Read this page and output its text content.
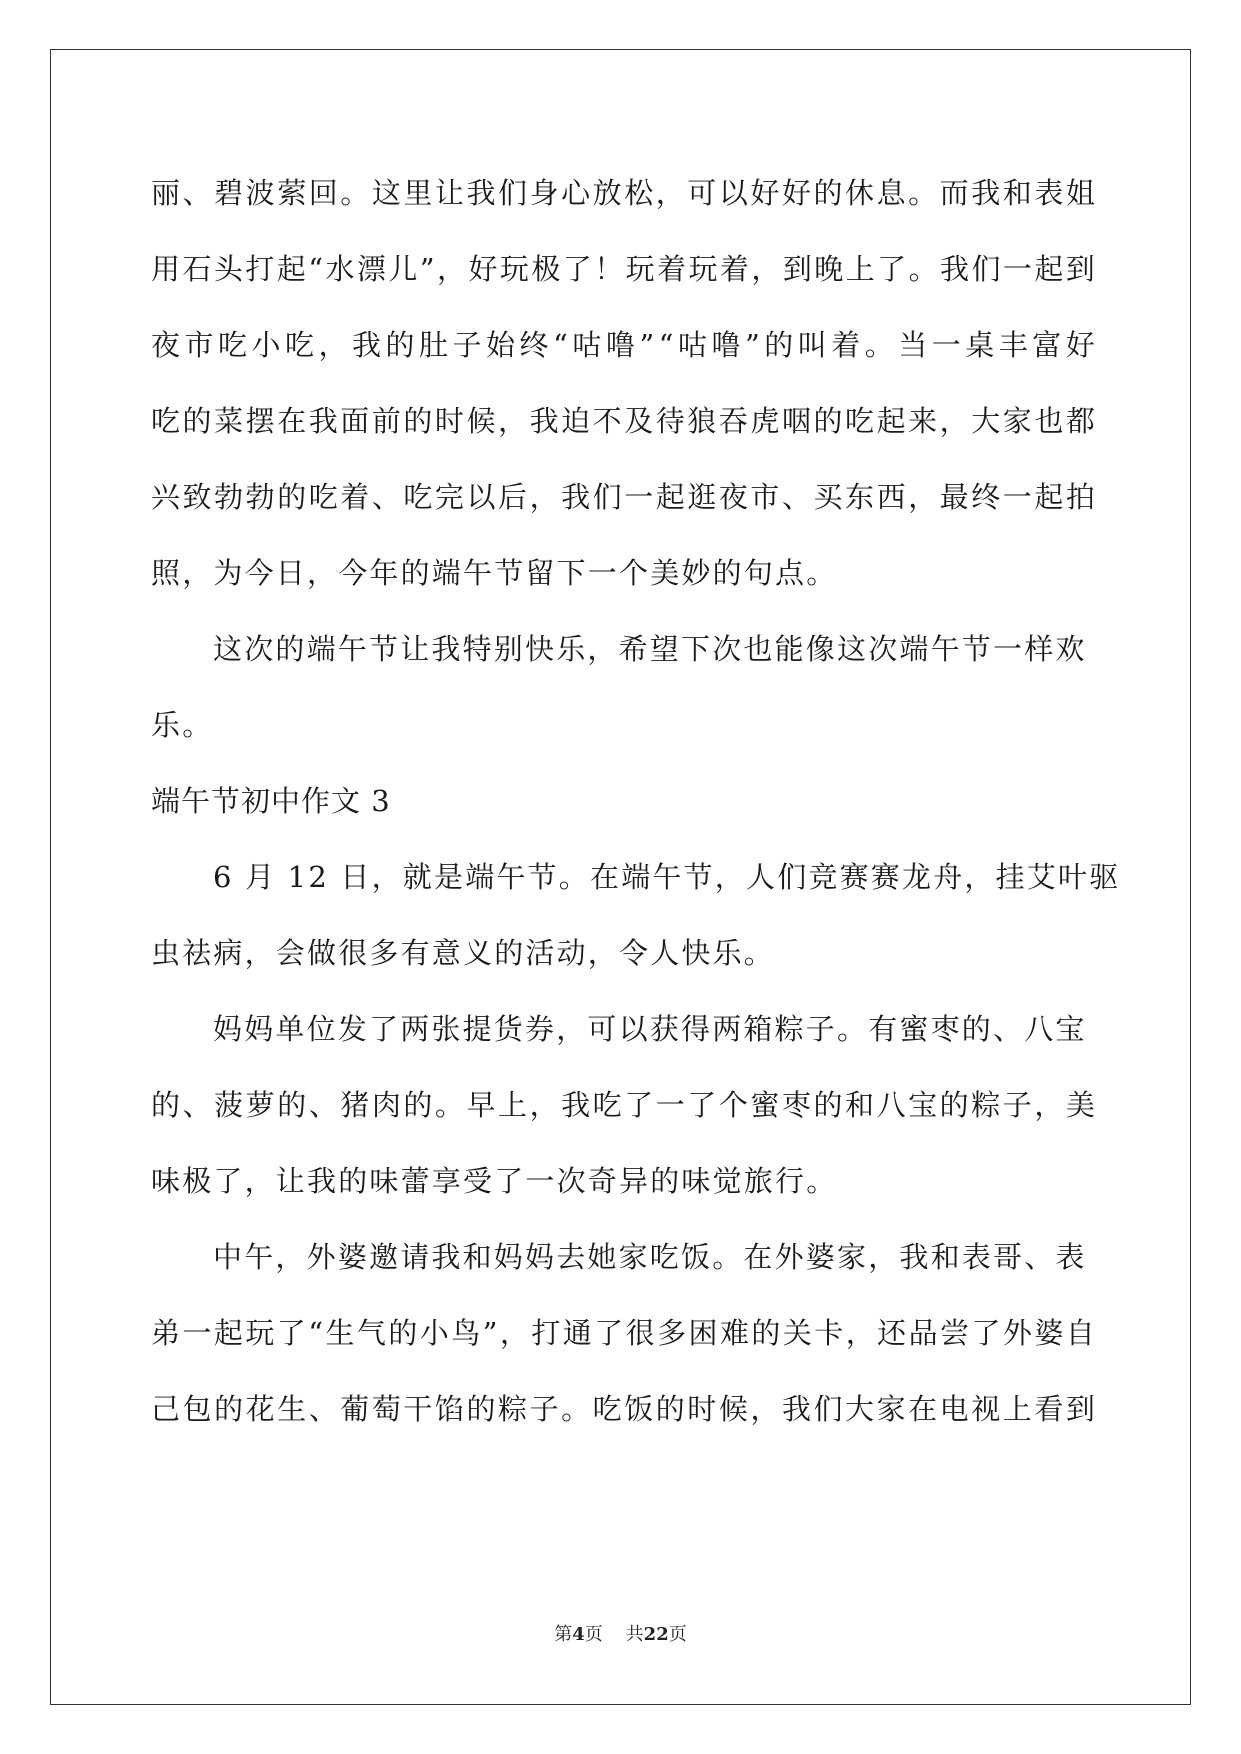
丽 、 碧 波 萦 回 。 这 里 让 我 们 身 心 放 松 ， 可 以 好 好 的 休 息 。 而 我 和 表 姐
用 石 头 打 起 “ 水 漂 儿 ” ， 好 玩 极 了 ！ 玩 着 玩 着 ， 到 晚 上 了 。 我 们 一 起 到
夜 市 吃 小 吃 ， 我 的 肚 子 始 终 “ 咕 噜 ” “ 咕 噜 ” 的 叫 着 。 当 一 桌 丰 富 好
吃 的 菜 摆 在 我 面 前 的 时 候 ， 我 迫 不 及 待 狼 吞 虎 咽 的 吃 起 来 ， 大 家 也 都
兴 致 勃 勃 的 吃 着 、 吃 完 以 后 ， 我 们 一 起 逛 夜 市 、 买 东 西 ， 最 终 一 起 拍
照，为今日，今年的端午节留下一个美妙的句点。
这次的端午节让我特别快乐，希望下次也能像这次端午节一样欢
乐。
端午节初中作文 3
6 月 12 日，就是端午节。在端午节，人们竞赛赛龙舟，挂艾叶驱
虫祛病，会做很多有意义的活动，令人快乐。
妈妈单位发了两张提货券，可以获得两箱粽子。有蜜枣的、八宝
的 、 菠 萝 的 、 猪 肉 的 。 早 上 ， 我 吃 了 一 了 个 蜜 枣 的 和 八 宝 的 粽 子 ， 美
味极了，让我的味蕾享受了一次奇异的味觉旅行。
中午，外婆邀请我和妈妈去她家吃饭。在外婆家，我和表哥、表
弟 一 起 玩 了 “ 生 气 的 小 鸟 ” ， 打 通 了 很 多 困 难 的 关 卡 ， 还 品 尝 了 外 婆 自
己 包 的 花 生 、 葡 萄 干 馅 的 粽 子 。 吃 饭 的 时 候 ， 我 们 大 家 在 电 视 上 看 到
第4页 共22页
